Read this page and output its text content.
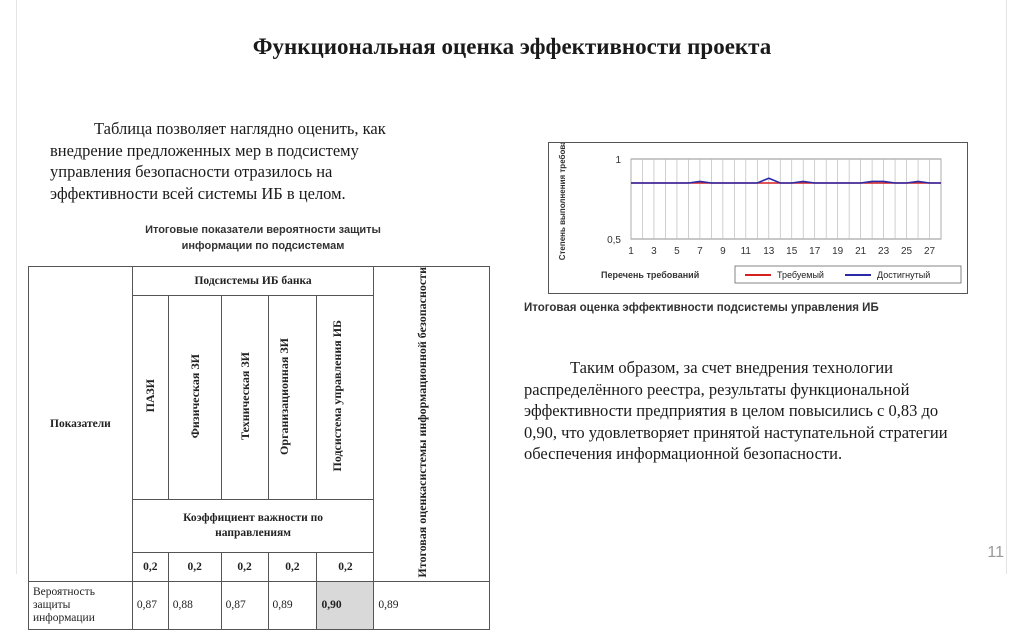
Функциональная оценка эффективности проекта
Таблица позволяет наглядно оценить, как внедрение предложенных мер в подсистему управления безопасности отразилось на эффективности всей системы ИБ в целом.
Итоговые показатели вероятности защиты информации по подсистемам
Показатели	Подсистемы ИБ банка					Итоговая оценкасистемы информационной безопасности
	ПАЗИ	Физическая ЗИ	Техническая ЗИ	Организационная ЗИ	Подсистема управления ИБ	
	Коэффициент важности по направлениям					
	0,2	0,2	0,2	0,2	0,2	
Вероятность защиты информации	0,87	0,88	0,87	0,89	0,90	0,89
Степень выполнения требований	1
0,5
1 3 5 7 9 11 13 15 17 19 21 23 25 27
Перечень требований	Требуемый	Достигнутый
Итоговая оценка эффективности подсистемы управления ИБ
Таким образом, за счет внедрения технологии распределённого реестра, результаты функциональной эффективности предприятия в целом повысились с 0,83 до 0,90, что удовлетворяет принятой наступательной стратегии обеспечения информационной безопасности.
11
